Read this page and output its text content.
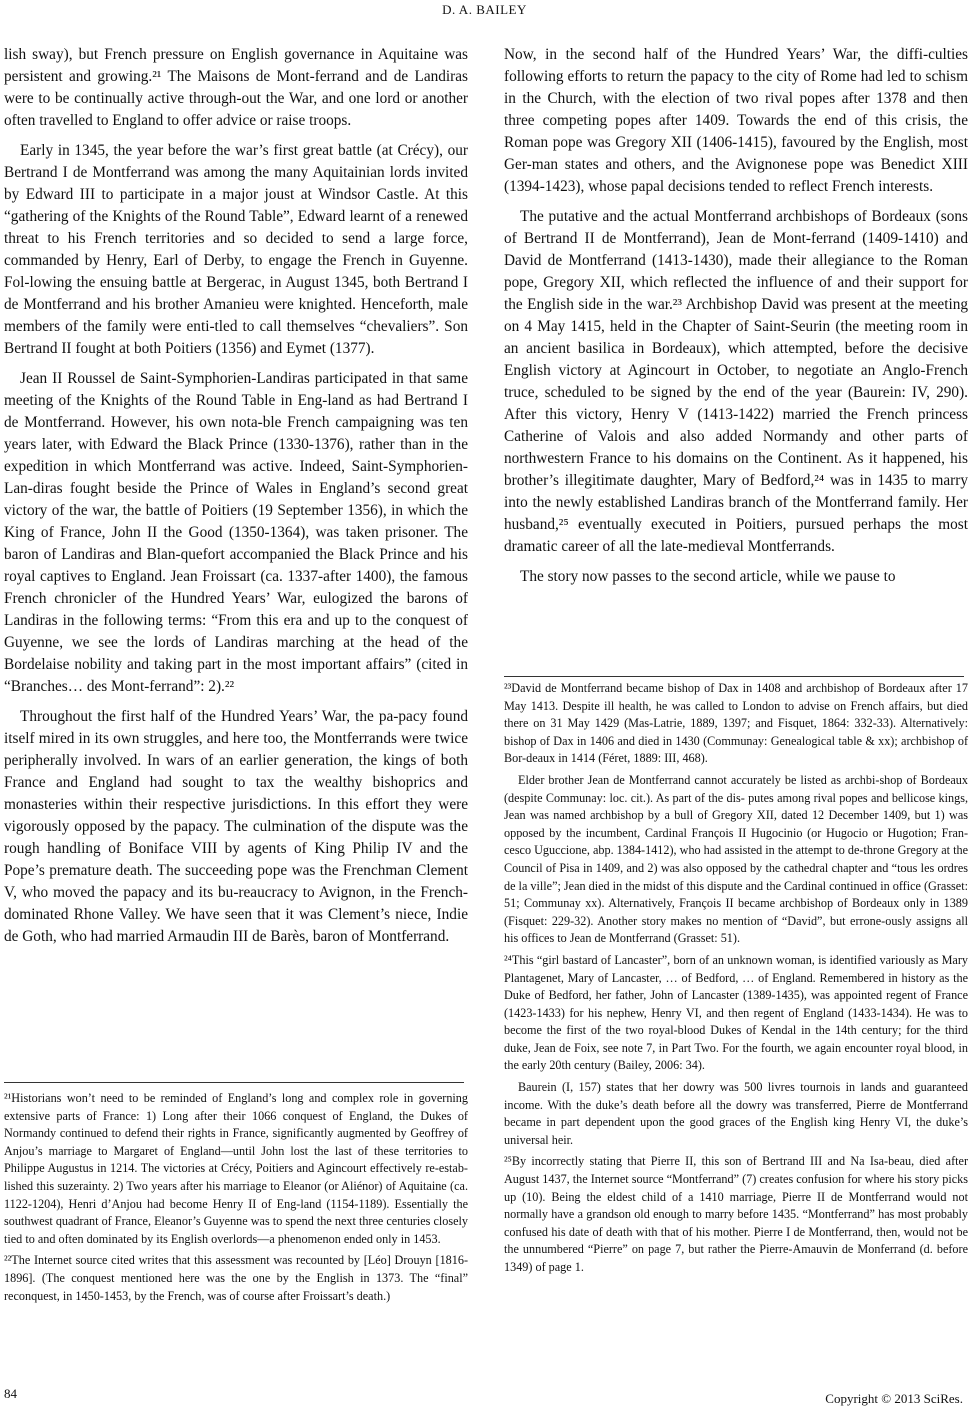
D. A. BAILEY

lish sway), but French pressure on English governance in Aquitaine was persistent and growing.²¹ The Maisons de Mont-ferrand and de Landiras were to be continually active through-out the War, and one lord or another often travelled to England to offer advice or raise troops.

Early in 1345, the year before the war’s first great battle (at Crécy), our Bertrand I de Montferrand was among the many Aquitainian lords invited by Edward III to participate in a major joust at Windsor Castle. At this “gathering of the Knights of the Round Table”, Edward learnt of a renewed threat to his French territories and so decided to send a large force, commanded by Henry, Earl of Derby, to engage the French in Guyenne. Fol-lowing the ensuing battle at Bergerac, in August 1345, both Bertrand I de Montferrand and his brother Amanieu were knighted. Henceforth, male members of the family were enti-tled to call themselves “chevaliers”. Son Bertrand II fought at both Poitiers (1356) and Eymet (1377).

Jean II Roussel de Saint-Symphorien-Landiras participated in that same meeting of the Knights of the Round Table in Eng-land as had Bertrand I de Montferrand. However, his own nota-ble French campaigning was ten years later, with Edward the Black Prince (1330-1376), rather than in the expedition in which Montferrand was active. Indeed, Saint-Symphorien-Lan-diras fought beside the Prince of Wales in England’s second great victory of the war, the battle of Poitiers (19 September 1356), in which the King of France, John II the Good (1350-1364), was taken prisoner. The baron of Landiras and Blan-quefort accompanied the Black Prince and his royal captives to England. Jean Froissart (ca. 1337-after 1400), the famous French chronicler of the Hundred Years’ War, eulogized the barons of Landiras in the following terms: “From this era and up to the conquest of Guyenne, we see the lords of Landiras marching at the head of the Bordelaise nobility and taking part in the most important affairs” (cited in “Branches… des Mont-ferrand”: 2).²²

Throughout the first half of the Hundred Years’ War, the pa-pacy found itself mired in its own struggles, and here too, the Montferrands were twice peripherally involved. In wars of an earlier generation, the kings of both France and England had sought to tax the wealthy bishoprics and monasteries within their respective jurisdictions. In this effort they were vigorously opposed by the papacy. The culmination of the dispute was the rough handling of Boniface VIII by agents of King Philip IV and the Pope’s premature death. The succeeding pope was the Frenchman Clement V, who moved the papacy and its bu-reaucracy to Avignon, in the French-dominated Rhone Valley. We have seen that it was Clement’s niece, Indie de Goth, who had married Armaudin III de Barès, baron of Montferrand.

²¹Historians won’t need to be reminded of England’s long and complex role in governing extensive parts of France: 1) Long after their 1066 conquest of England, the Dukes of Normandy continued to defend their rights in France, significantly augmented by Geoffrey of Anjou’s marriage to Margaret of England—until John lost the last of these territories to Philippe Augustus in 1214. The victories at Crécy, Poitiers and Agincourt effectively re-estab-lished this suzerainty. 2) Two years after his marriage to Eleanor (or Aliénor) of Aquitaine (ca. 1122-1204), Henri d’Anjou had become Henry II of Eng-land (1154-1189). Essentially the southwest quadrant of France, Eleanor’s Guyenne was to spend the next three centuries closely tied to and often dominated by its English overlords—a phenomenon ended only in 1453.

²²The Internet source cited writes that this assessment was recounted by [Léo] Drouyn [1816-1896]. (The conquest mentioned here was the one by the English in 1373. The “final” reconquest, in 1450-1453, by the French, was of course after Froissart’s death.)

Now, in the second half of the Hundred Years’ War, the diffi-culties following efforts to return the papacy to the city of Rome had led to schism in the Church, with the election of two rival popes after 1378 and then three competing popes after 1409. Towards the end of this crisis, the Roman pope was Gregory XII (1406-1415), favoured by the English, most Ger-man states and others, and the Avignonese pope was Benedict XIII (1394-1423), whose papal decisions tended to reflect French interests.

The putative and the actual Montferrand archbishops of Bordeaux (sons of Bertrand II de Montferrand), Jean de Mont-ferrand (1409-1410) and David de Montferrand (1413-1430), made their allegiance to the Roman pope, Gregory XII, which reflected the influence of and their support for the English side in the war.²³ Archbishop David was present at the meeting on 4 May 1415, held in the Chapter of Saint-Seurin (the meeting room in an ancient basilica in Bordeaux), which attempted, before the decisive English victory at Agincourt in October, to negotiate an Anglo-French truce, scheduled to be signed by the end of the year (Baurein: IV, 290). After this victory, Henry V (1413-1422) married the French princess Catherine of Valois and also added Normandy and other parts of northwestern France to his domains on the Continent. As it happened, his brother’s illegitimate daughter, Mary of Bedford,²⁴ was in 1435 to marry into the newly established Landiras branch of the Montferrand family. Her husband,²⁵ eventually executed in Poitiers, pursued perhaps the most dramatic career of all the late-medieval Montferrands.

The story now passes to the second article, while we pause to

²³David de Montferrand became bishop of Dax in 1408 and archbishop of Bordeaux after 17 May 1413. Despite ill health, he was called to London to advise on French affairs, but died there on 31 May 1429 (Mas-Latrie, 1889, 1397; and Fisquet, 1864: 332-33). Alternatively: bishop of Dax in 1406 and died in 1430 (Communay: Genealogical table & xx); archbishop of Bor-deaux in 1414 (Féret, 1889: III, 468).

Elder brother Jean de Montferrand cannot accurately be listed as archbi-shop of Bordeaux (despite Communay: loc. cit.). As part of the dis- putes among rival popes and bellicose kings, Jean was named archbishop by a bull of Gregory XII, dated 12 December 1409, but 1) was opposed by the incumbent, Cardinal François II Hugocinio (or Hugocio or Hugotion; Fran-cesco Uguccione, abp. 1384-1412), who had assisted in the attempt to de-throne Gregory at the Council of Pisa in 1409, and 2) was also opposed by the cathedral chapter and “tous les ordres de la ville”; Jean died in the midst of this dispute and the Cardinal continued in office (Grasset: 51; Communay xx). Alternatively, François II became archbishop of Bordeaux only in 1389 (Fisquet: 229-32). Another story makes no mention of “David”, but errone-ously assigns all his offices to Jean de Montferrand (Grasset: 51).

²⁴This “girl bastard of Lancaster”, born of an unknown woman, is identified variously as Mary Plantagenet, Mary of Lancaster, … of Bedford, … of England. Remembered in history as the Duke of Bedford, her father, John of Lancaster (1389-1435), was appointed regent of France (1423-1433) for his nephew, Henry VI, and then regent of England (1433-1434). He was to become the first of the two royal-blood Dukes of Kendal in the 14th century; for the third duke, Jean de Foix, see note 7, in Part Two. For the fourth, we again encounter royal blood, in the early 20th century (Bailey, 2006: 34).

Baurein (I, 157) states that her dowry was 500 livres tournois in lands and guaranteed income. With the duke’s death before all the dowry was transferred, Pierre de Montferrand became in part dependent upon the good graces of the English king Henry VI, the duke’s universal heir.

²⁵By incorrectly stating that Pierre II, this son of Bertrand III and Na Isa-beau, died after August 1437, the Internet source “Montferrand” (7) creates confusion for where his story picks up (10). Being the eldest child of a 1410 marriage, Pierre II de Montferrand would not normally have a grandson old enough to marry before 1435. “Montferrand” has most probably confused his date of death with that of his mother. Pierre I de Montferrand, then, would not be the unnumbered “Pierre” on page 7, but rather the Pierre-Amauvin de Monferrand (d. before 1349) of page 1.

84	Copyright © 2013 SciRes.
